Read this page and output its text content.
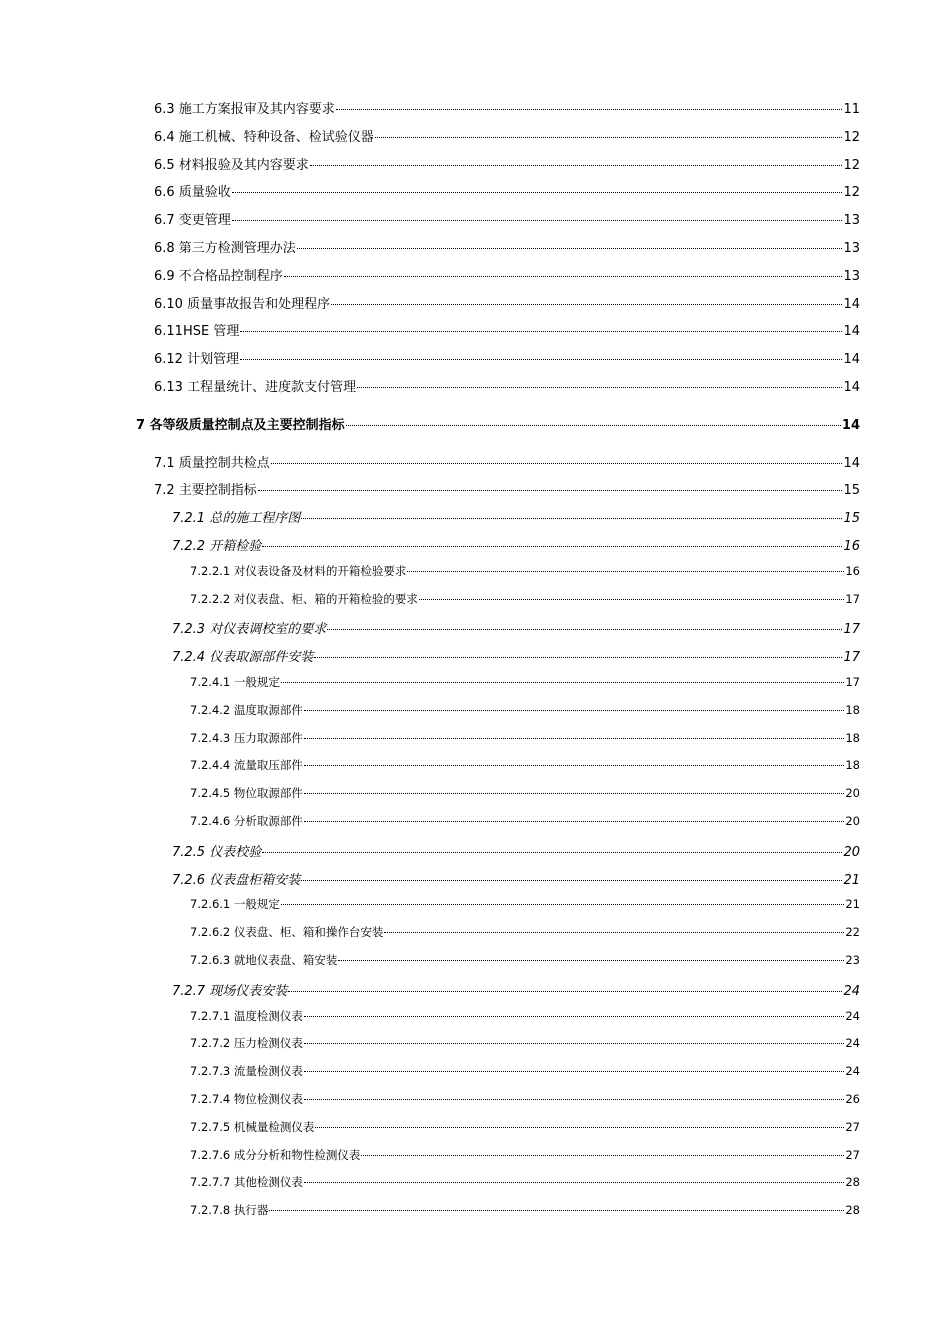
6.3 施工方案报审及其内容要求	11
6.4 施工机械、特种设备、检试验仪器	12
6.5 材料报验及其内容要求	12
6.6 质量验收	12
6.7 变更管理	13
6.8 第三方检测管理办法	13
6.9 不合格品控制程序	13
6.10 质量事故报告和处理程序	14
6.11HSE 管理	14
6.12 计划管理	14
6.13 工程量统计、进度款支付管理	14
7 各等级质量控制点及主要控制指标	14
7.1 质量控制共检点	14
7.2 主要控制指标	15
7.2.1 总的施工程序图	15
7.2.2 开箱检验	16
7.2.2.1 对仪表设备及材料的开箱检验要求	16
7.2.2.2 对仪表盘、柜、箱的开箱检验的要求	17
7.2.3 对仪表调校室的要求	17
7.2.4 仪表取源部件安装	17
7.2.4.1 一般规定	17
7.2.4.2 温度取源部件	18
7.2.4.3 压力取源部件	18
7.2.4.4 流量取压部件	18
7.2.4.5 物位取源部件	20
7.2.4.6 分析取源部件	20
7.2.5 仪表校验	20
7.2.6 仪表盘柜箱安装	21
7.2.6.1 一般规定	21
7.2.6.2 仪表盘、柜、箱和操作台安装	22
7.2.6.3 就地仪表盘、箱安装	23
7.2.7 现场仪表安装	24
7.2.7.1 温度检测仪表	24
7.2.7.2 压力检测仪表	24
7.2.7.3 流量检测仪表	24
7.2.7.4 物位检测仪表	26
7.2.7.5 机械量检测仪表	27
7.2.7.6 成分分析和物性检测仪表	27
7.2.7.7 其他检测仪表	28
7.2.7.8 执行器	28
